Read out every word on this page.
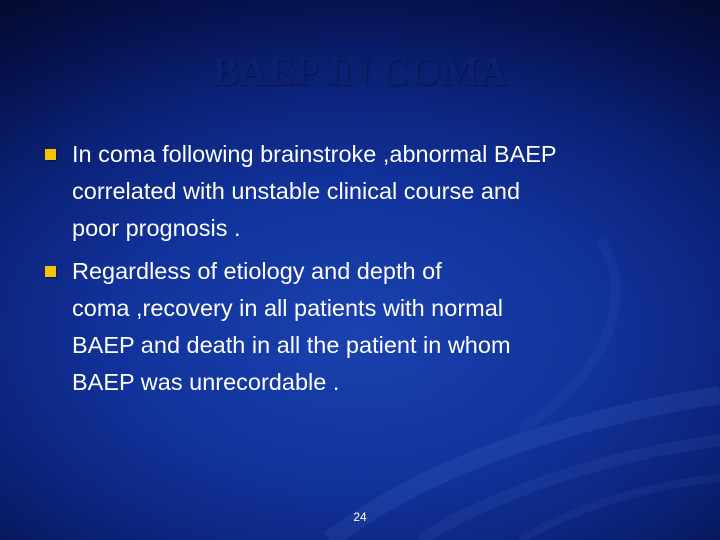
BAEP IN COMA
In coma following brainstroke ,abnormal BAEP
correlated with unstable clinical course and
poor prognosis .
Regardless of etiology and depth of
coma ,recovery in all patients with normal
BAEP and death in all the patient in whom
BAEP was unrecordable .
24
